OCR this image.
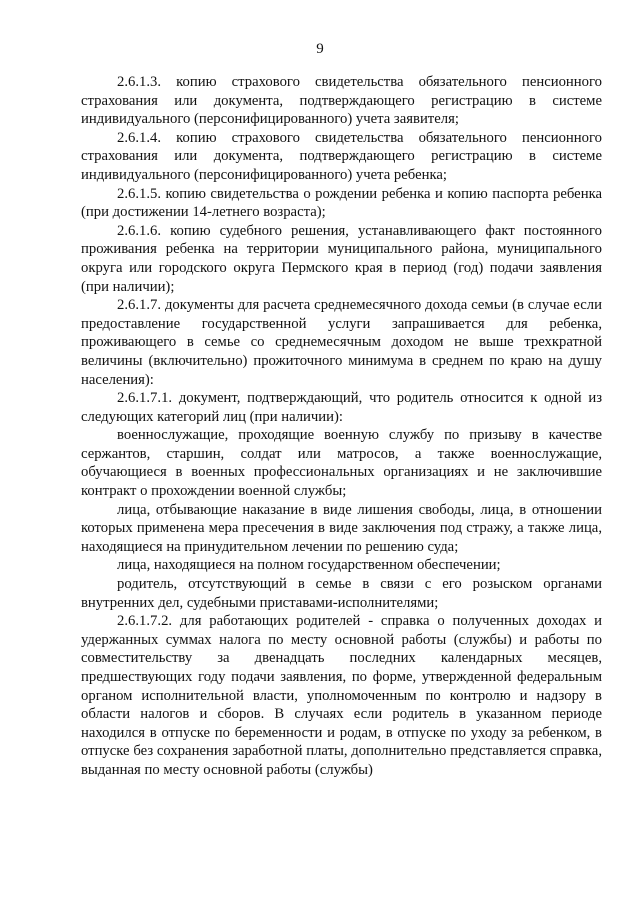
9

2.6.1.3. копию страхового свидетельства обязательного пенсионного страхования или документа, подтверждающего регистрацию в системе индивидуального (персонифицированного) учета заявителя;

2.6.1.4. копию страхового свидетельства обязательного пенсионного страхования или документа, подтверждающего регистрацию в системе индивидуального (персонифицированного) учета ребенка;

2.6.1.5. копию свидетельства о рождении ребенка и копию паспорта ребенка (при достижении 14-летнего возраста);

2.6.1.6. копию судебного решения, устанавливающего факт постоянного проживания ребенка на территории муниципального района, муниципального округа или городского округа Пермского края в период (год) подачи заявления (при наличии);

2.6.1.7. документы для расчета среднемесячного дохода семьи (в случае если предоставление государственной услуги запрашивается для ребенка, проживающего в семье со среднемесячным доходом не выше трехкратной величины (включительно) прожиточного минимума в среднем по краю на душу населения):

2.6.1.7.1. документ, подтверждающий, что родитель относится к одной из следующих категорий лиц (при наличии):

военнослужащие, проходящие военную службу по призыву в качестве сержантов, старшин, солдат или матросов, а также военнослужащие, обучающиеся в военных профессиональных организациях и не заключившие контракт о прохождении военной службы;

лица, отбывающие наказание в виде лишения свободы, лица, в отношении которых применена мера пресечения в виде заключения под стражу, а также лица, находящиеся на принудительном лечении по решению суда;

лица, находящиеся на полном государственном обеспечении;

родитель, отсутствующий в семье в связи с его розыском органами внутренних дел, судебными приставами-исполнителями;

2.6.1.7.2. для работающих родителей - справка о полученных доходах и удержанных суммах налога по месту основной работы (службы) и работы по совместительству за двенадцать последних календарных месяцев, предшествующих году подачи заявления, по форме, утвержденной федеральным органом исполнительной власти, уполномоченным по контролю и надзору в области налогов и сборов. В случаях если родитель в указанном периоде находился в отпуске по беременности и родам, в отпуске по уходу за ребенком, в отпуске без сохранения заработной платы, дополнительно представляется справка, выданная по месту основной работы (службы)
